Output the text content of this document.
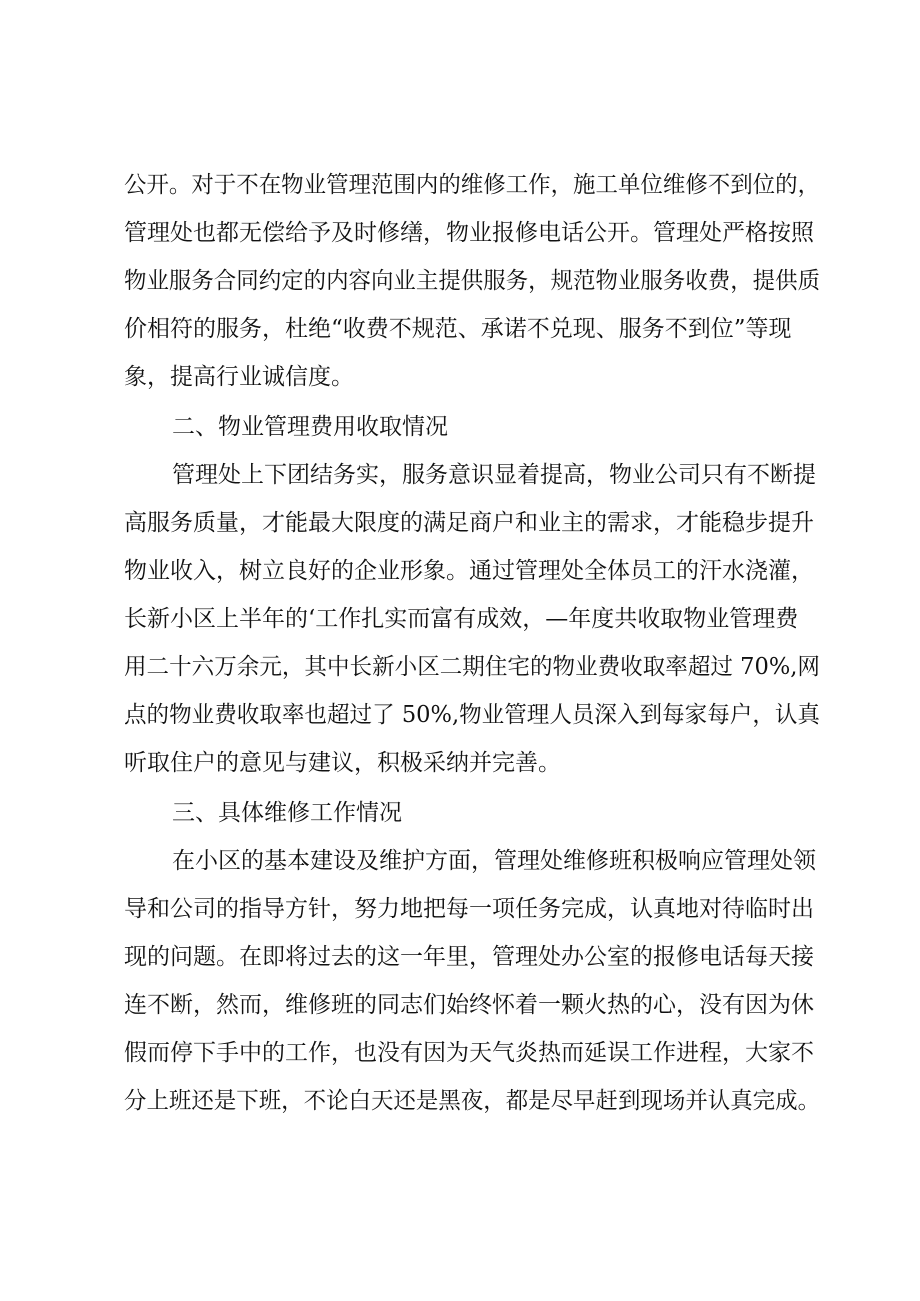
公开。对于不在物业管理范围内的维修工作，施工单位维修不到位的，
管理处也都无偿给予及时修缮，物业报修电话公开。管理处严格按照
物业服务合同约定的内容向业主提供服务，规范物业服务收费，提供质
价相符的服务，杜绝“收费不规范、承诺不兑现、服务不到位”等现
象，提高行业诚信度。
二、物业管理费用收取情况
管理处上下团结务实，服务意识显着提高，物业公司只有不断提
高服务质量，才能最大限度的满足商户和业主的需求，才能稳步提升
物业收入，树立良好的企业形象。通过管理处全体员工的汗水浇灌，
长新小区上半年的‘工作扎实而富有成效，—年度共收取物业管理费
用二十六万余元，其中长新小区二期住宅的物业费收取率超过 70%,网
点的物业费收取率也超过了 50%,物业管理人员深入到每家每户，认真
听取住户的意见与建议，积极采纳并完善。
三、具体维修工作情况
在小区的基本建设及维护方面，管理处维修班积极响应管理处领
导和公司的指导方针，努力地把每一项任务完成，认真地对待临时出
现的问题。在即将过去的这一年里，管理处办公室的报修电话每天接
连不断，然而，维修班的同志们始终怀着一颗火热的心，没有因为休
假而停下手中的工作，也没有因为天气炎热而延误工作进程，大家不
分上班还是下班，不论白天还是黑夜，都是尽早赶到现场并认真完成。
